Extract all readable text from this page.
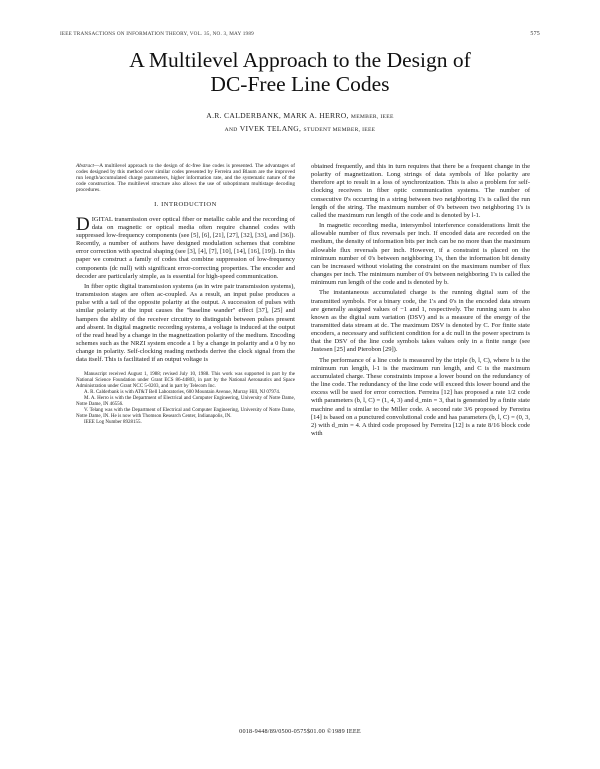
IEEE TRANSACTIONS ON INFORMATION THEORY, VOL. 35, NO. 3, MAY 1989	575
A Multilevel Approach to the Design of
DC-Free Line Codes
A.R. CALDERBANK, MARK A. HERRO, MEMBER, IEEE
AND VIVEK TELANG, STUDENT MEMBER, IEEE
Abstract—A multilevel approach to the design of dc-free line codes is presented. The advantages of codes designed by this method over similar codes presented by Ferreira and Blaum are the improved run length/accumulated charge parameters, higher information rate, and the systematic nature of the code construction. The multilevel structure also allows the use of suboptimum multistage decoding procedures.
I. INTRODUCTION
DIGITAL transmission over optical fiber or metallic cable and the recording of data on magnetic or optical media often require channel codes with suppressed low-frequency components (see [5], [6], [21], [27], [32], [33], and [36]). Recently, a number of authors have designed modulation schemes that combine error correction with spectral shaping (see [3], [4], [7], [10], [14], [16], [19]). In this paper we construct a family of codes that combine suppression of low-frequency components (dc null) with significant error-correcting properties. The encoder and decoder are particularly simple, as is essential for high-speed communication.
In fiber optic digital transmission systems (as in wire pair transmission systems), transmission stages are often ac-coupled. As a result, an input pulse produces a pulse with a tail of the opposite polarity at the output. A succession of pulses with similar polarity at the input causes the "baseline wander" effect [37], [25] and hampers the ability of the receiver circuitry to distinguish between pulses present and absent. In digital magnetic recording systems, a voltage is induced at the output of the read head by a change in the magnetization polarity of the medium. Encoding schemes such as the NRZI system encode a 1 by a change in polarity and a 0 by no change in polarity. Self-clocking reading methods derive the clock signal from the data itself. This is facilitated if an output voltage is

Manuscript received August 1, 1988; revised July 10, 1988. This work was supported in part by the National Science Foundation under Grant ECS 86-44803, in part by the National Aeronautics and Space Administration under Grant NCC 5-0203, and in part by Telecom Inc.

A. R. Calderbank is with AT&T Bell Laboratories, 600 Mountain Avenue, Murray Hill, NJ 07974.

M. A. Herro is with the Department of Electrical and Computer Engineering, University of Notre Dame, Notre Dame, IN 46556.

V. Telang was with the Department of Electrical and Computer Engineering, University of Notre Dame, Notre Dame, IN. He is now with Thomson Research Center, Indianapolis, IN.

IEEE Log Number 8928155.

obtained frequently, and this in turn requires that there be a frequent change in the polarity of magnetization. Long strings of data symbols of like polarity are therefore apt to result in a loss of synchronization. This is also a problem for self-clocking receivers in fiber optic communication systems. The number of consecutive 0's occurring in a string between two neighboring 1's is called the run length of the string. The maximum number of 0's between two neighboring 1's is called the maximum run length of the code and is denoted by l-1.
In magnetic recording media, intersymbol interference considerations limit the allowable number of flux reversals per inch. If encoded data are recorded on the medium, the density of information bits per inch can be no more than the maximum allowable flux reversals per inch. However, if a constraint is placed on the minimum number of 0's between neighboring 1's, then the information bit density can be increased without violating the constraint on the maximum number of flux changes per inch. The minimum number of 0's between neighboring 1's is called the minimum run length of the code and is denoted by b.
The instantaneous accumulated charge is the running digital sum of the transmitted symbols. For a binary code, the 1's and 0's in the encoded data stream are generally assigned values of −1 and 1, respectively. The running sum is also known as the digital sum variation (DSV) and is a measure of the energy of the transmitted data stream at dc. The maximum DSV is denoted by C. For finite state encoders, a necessary and sufficient condition for a dc null in the power spectrum is that the DSV of the line code symbols takes values only in a finite range (see Justesen [25] and Pierobon [29]).
The performance of a line code is measured by the triple (b, l, C), where b is the minimum run length, l-1 is the maximum run length, and C is the maximum accumulated charge. These constraints impose a lower bound on the redundancy of the line code. The redundancy of the line code will exceed this lower bound and the excess will be used for error correction. Ferreira [12] has proposed a rate 1/2 code with parameters (b, l, C) = (1, 4, 3) and d_min = 3, that is generated by a finite state machine and is similar to the Miller code. A second rate 3/6 proposed by Ferreira [14] is based on a punctured convolutional code and has parameters (b, l, C) = (0, 3, 2) with d_min = 4. A third code proposed by Ferreira [12] is a rate 8/16 block code with
0018-9448/89/0500-0575$01.00 ©1989 IEEE
